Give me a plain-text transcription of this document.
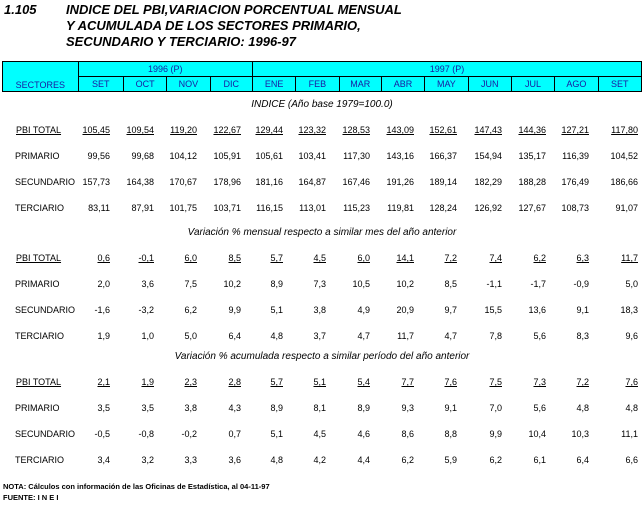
1.105	INDICE DEL PBI,VARIACION PORCENTUAL MENSUAL
Y ACUMULADA DE LOS SECTORES PRIMARIO,
SECUNDARIO Y TERCIARIO: 1996-97
SECTORES	1996 (P)				1997 (P)								
	SET	OCT	NOV	DIC	ENE	FEB	MAR	ABR	MAY	JUN	JUL	AGO	SET
INDICE (Año base 1979=100.0)
PBI TOTAL 105,45 109,54 119,20 122,67 129,44 123,32 128,53 143,09 152,61 147,43 144,36 127,21 117,80
PRIMARIO	99,56 99,68 104,12 105,91 105,61 103,41 117,30 143,16 166,37 154,94 135,17 116,39 104,52
SECUNDARIO 157,73 164,38 170,67 178,96 181,16 164,87 167,46 191,26 189,14 182,29 188,28 176,49 186,66
TERCIARIO	83,11 87,91 101,75 103,71 116,15 113,01 115,23 119,81 128,24 126,92 127,67 108,73	91,07
Variación % mensual respecto a similar mes del año anterior
PBI TOTAL	0,6	-0,1	6,0	8,5	5,7	4,5	6,0	14,1	7,2	7,4	6,2	6,3	11,7
PRIMARIO	2,0	3,6	7,5	10,2	8,9	7,3	10,5	10,2	8,5	-1,1	-1,7	-0,9	5,0
SECUNDARIO -1,6	-3,2	6,2	9,9	5,1	3,8	4,9	20,9	9,7	15,5	13,6	9,1	18,3
TERCIARIO	1,9	1,0	5,0	6,4	4,8	3,7	4,7	11,7	4,7	7,8	5,6	8,3	9,6
Variación % acumulada respecto a similar período del año anterior
PBI TOTAL	2,1	1,9	2,3	2,8	5,7	5,1	5,4	7,7	7,6	7,5	7,3	7,2	7,6
PRIMARIO	3,5	3,5	3,8	4,3	8,9	8,1	8,9	9,3	9,1	7,0	5,6	4,8	4,8
SECUNDARIO -0,5	-0,8	-0,2	0,7	5,1	4,5	4,6	8,6	8,8	9,9	10,4	10,3	11,1
TERCIARIO	3,4	3,2	3,3	3,6	4,8	4,2	4,4	6,2	5,9	6,2	6,1	6,4	6,6
NOTA: Cálculos con información de las Oficinas de Estadística, al 04-11-97
FUENTE: I N E I
